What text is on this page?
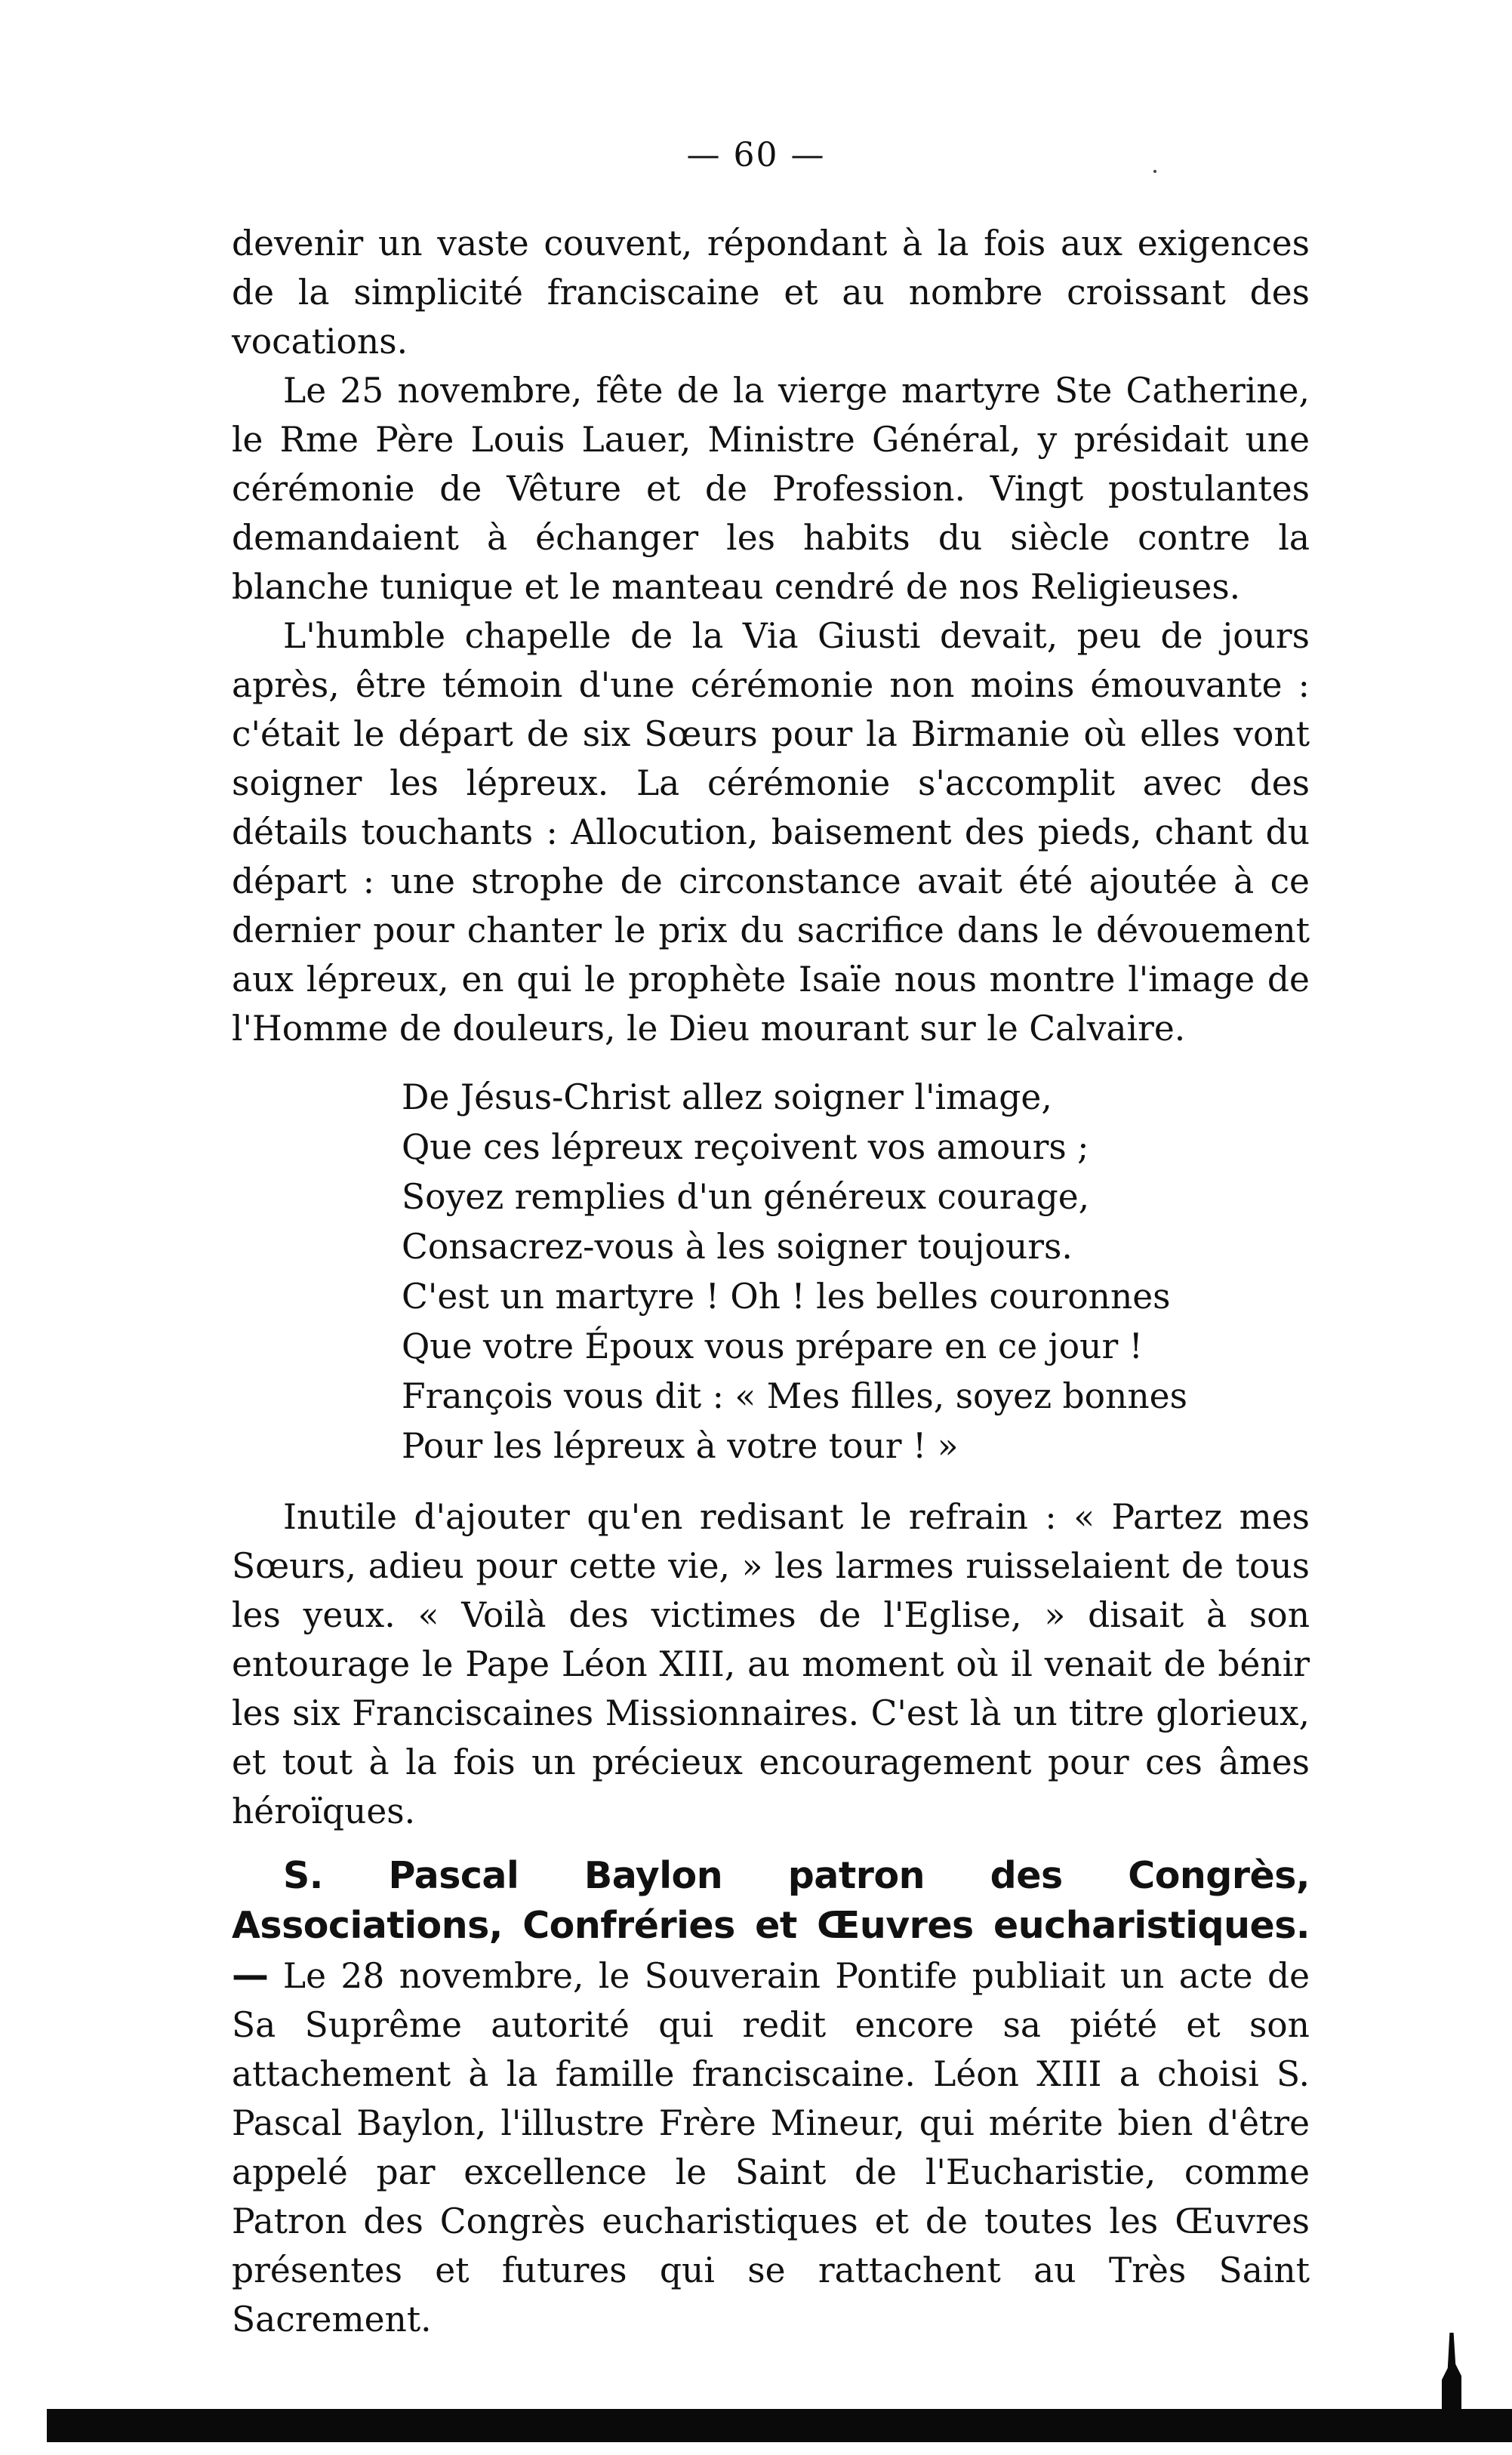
— 60 —

devenir un vaste couvent, répondant à la fois aux exigences de la simplicité franciscaine et au nombre croissant des vocations.

Le 25 novembre, fête de la vierge martyre Ste Catherine, le Rme Père Louis Lauer, Ministre Général, y présidait une cérémonie de Vêture et de Profession. Vingt postulantes demandaient à échanger les habits du siècle contre la blanche tunique et le manteau cendré de nos Religieuses.

L'humble chapelle de la Via Giusti devait, peu de jours après, être témoin d'une cérémonie non moins émouvante : c'était le départ de six Sœurs pour la Birmanie où elles vont soigner les lépreux. La cérémonie s'accomplit avec des détails touchants : Allocution, baisement des pieds, chant du départ : une strophe de circonstance avait été ajoutée à ce dernier pour chanter le prix du sacrifice dans le dévouement aux lépreux, en qui le prophète Isaïe nous montre l'image de l'Homme de douleurs, le Dieu mourant sur le Calvaire.

De Jésus-Christ allez soigner l'image,
Que ces lépreux reçoivent vos amours ;
Soyez remplies d'un généreux courage,
Consacrez-vous à les soigner toujours.
C'est un martyre ! Oh ! les belles couronnes
Que votre Époux vous prépare en ce jour !
François vous dit : « Mes filles, soyez bonnes
Pour les lépreux à votre tour ! »

Inutile d'ajouter qu'en redisant le refrain : « Partez mes Sœurs, adieu pour cette vie, » les larmes ruisselaient de tous les yeux. « Voilà des victimes de l'Eglise, » disait à son entourage le Pape Léon XIII, au moment où il venait de bénir les six Franciscaines Missionnaires. C'est là un titre glorieux, et tout à la fois un précieux encouragement pour ces âmes héroïques.

S. Pascal Baylon patron des Congrès, Associations, Confréries et Œuvres eucharistiques.— Le 28 novembre, le Souverain Pontife publiait un acte de Sa Suprême autorité qui redit encore sa piété et son attachement à la famille franciscaine. Léon XIII a choisi S. Pascal Baylon, l'illustre Frère Mineur, qui mérite bien d'être appelé par excellence le Saint de l'Eucharistie, comme Patron des Congrès eucharistiques et de toutes les Œuvres présentes et futures qui se rattachent au Très Saint Sacrement.
